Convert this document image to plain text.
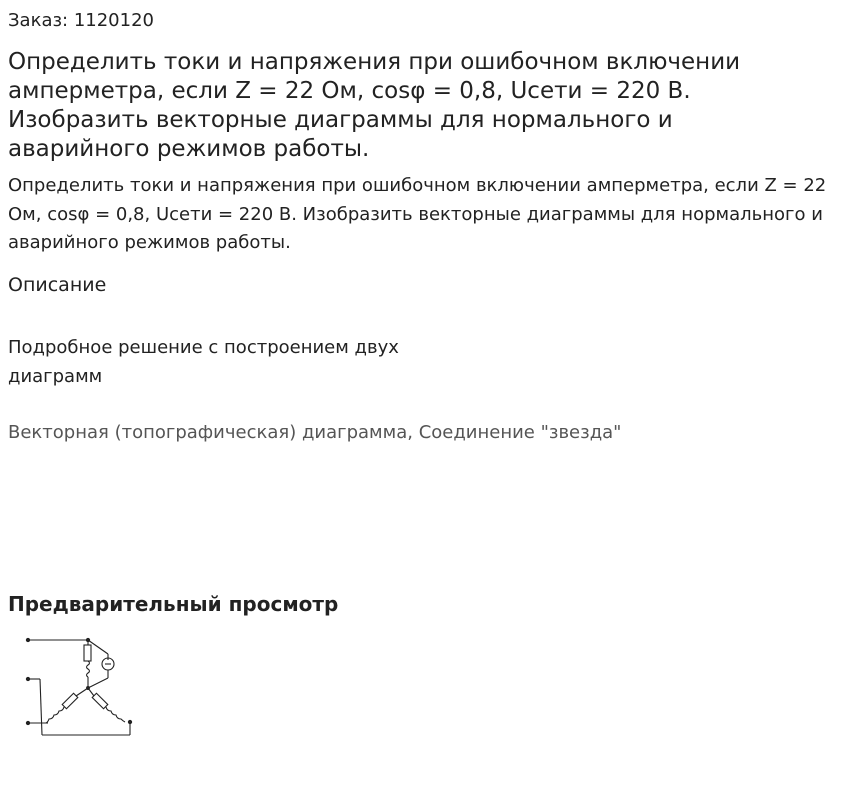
Заказ: 1120120
Определить токи и напряжения при ошибочном включении амперметра, если Z = 22 Ом, cosφ = 0,8, Uсети = 220 В. Изобразить векторные диаграммы для нормального и аварийного режимов работы.

Определить токи и напряжения при ошибочном включении амперметра, если Z = 22 Ом, cosφ = 0,8, Uсети = 220 В. Изобразить векторные диаграммы для нормального и аварийного режимов работы.

Описание

Подробное решение с построением двух диаграмм

Векторная (топографическая) диаграмма, Соединение "звезда"

Предварительный просмотр
